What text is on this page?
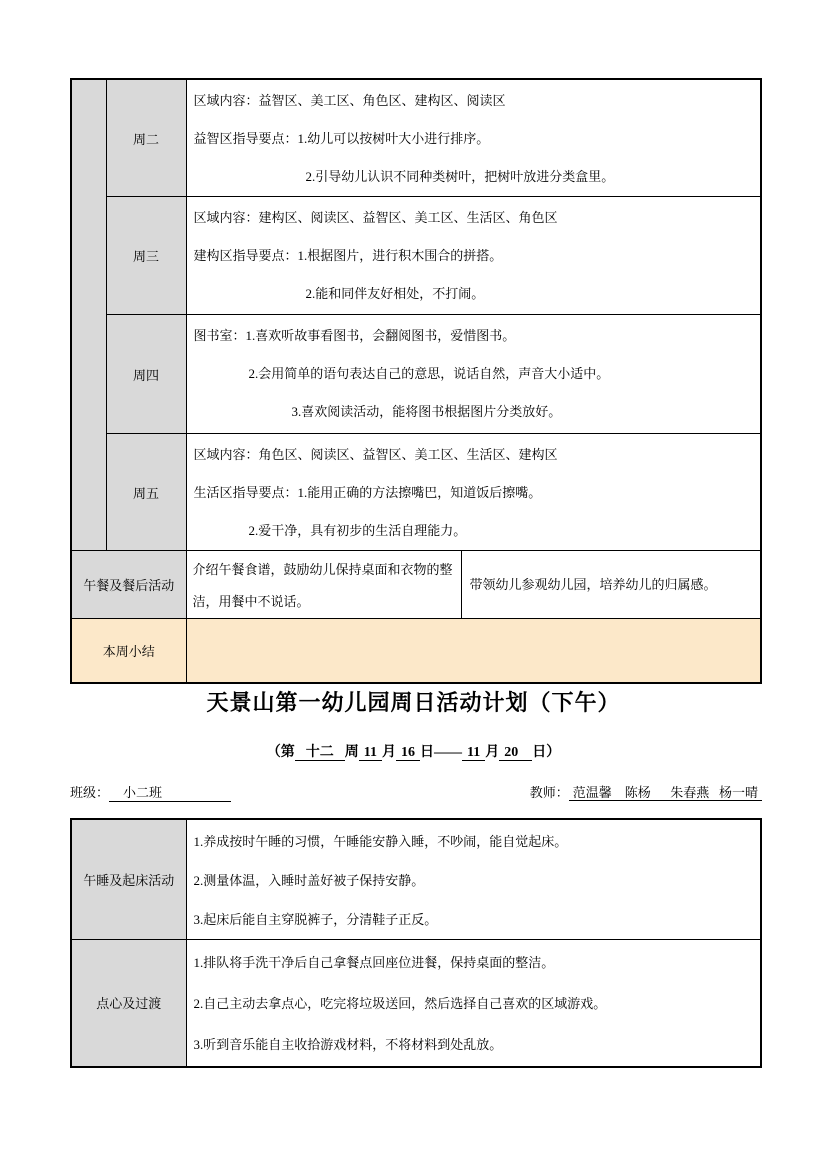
	周二	区域内容：益智区、美工区、角色区、建构区、阅读区
益智区指导要点：1.幼儿可以按树叶大小进行排序。
2.引导幼儿认识不同种类树叶，把树叶放进分类盒里。	

	周三	区域内容：建构区、阅读区、益智区、美工区、生活区、角色区
建构区指导要点：1.根据图片，进行积木围合的拼搭。
2.能和同伴友好相处，不打闹。	

	周四	图书室：1.喜欢听故事看图书，会翻阅图书，爱惜图书。
2.会用简单的语句表达自己的意思，说话自然，声音大小适中。
3.喜欢阅读活动，能将图书根据图片分类放好。	

	周五	区域内容：角色区、阅读区、益智区、美工区、生活区、建构区
生活区指导要点：1.能用正确的方法擦嘴巴，知道饭后擦嘴。
2.爱干净，具有初步的生活自理能力。	

午餐及餐后活动		介绍午餐食谱，鼓励幼儿保持桌面和衣物的整洁，用餐中不说话。	带领幼儿参观幼儿园，培养幼儿的归属感。
本周小结			
天景山第一幼儿园周日活动计划（下午）
（第 十二 周 11 月 16 日—— 11 月 20 日）
班级： 小二班	教师： 范温馨    陈杨      朱春燕   杨一晴
午睡及起床活动	1.养成按时午睡的习惯，午睡能安静入睡，不吵闹，能自觉起床。
2.测量体温，入睡时盖好被子保持安静。
3.起床后能自主穿脱裤子，分清鞋子正反。

点心及过渡	1.排队将手洗干净后自己拿餐点回座位进餐，保持桌面的整洁。
2.自己主动去拿点心，吃完将垃圾送回，然后选择自己喜欢的区域游戏。
3.听到音乐能自主收拾游戏材料，不将材料到处乱放。
